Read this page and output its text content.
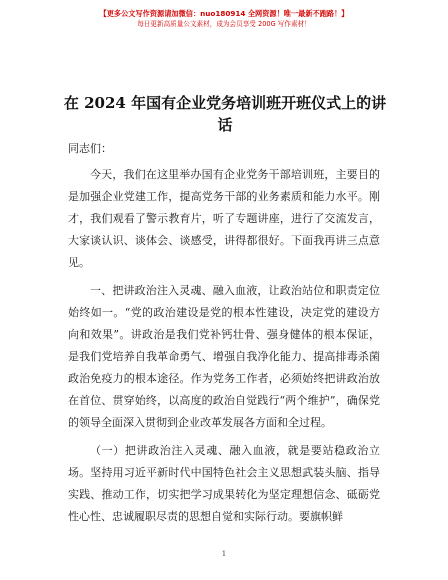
【更多公文写作资源请加微信：nuo180914 全网资源！唯一最新不跑路！】
每日更新高质量公文素材，成为会员享受 200G 写作素材！
在 2024 年国有企业党务培训班开班仪式上的讲话

同志们：

今天，我们在这里举办国有企业党务干部培训班，主要目的是加强企业党建工作，提高党务干部的业务素质和能力水平。刚才，我们观看了警示教育片，听了专题讲座，进行了交流发言，大家谈认识、谈体会、谈感受，讲得都很好。下面我再讲三点意见。

一、把讲政治注入灵魂、融入血液，让政治站位和职责定位始终如一。“党的政治建设是党的根本性建设，决定党的建设方向和效果”。讲政治是我们党补钙壮骨、强身健体的根本保证，是我们党培养自我革命勇气、增强自我净化能力、提高排毒杀菌政治免疫力的根本途径。作为党务工作者，必须始终把讲政治放在首位、贯穿始终，以高度的政治自觉践行“两个维护”，确保党的领导全面深入贯彻到企业改革发展各方面和全过程。

（一）把讲政治注入灵魂、融入血液，就是要站稳政治立场。坚持用习近平新时代中国特色社会主义思想武装头脑、指导实践、推动工作，切实把学习成果转化为坚定理想信念、砥砺党性心性、忠诚履职尽责的思想自觉和实际行动。要旗帜鲜

1
